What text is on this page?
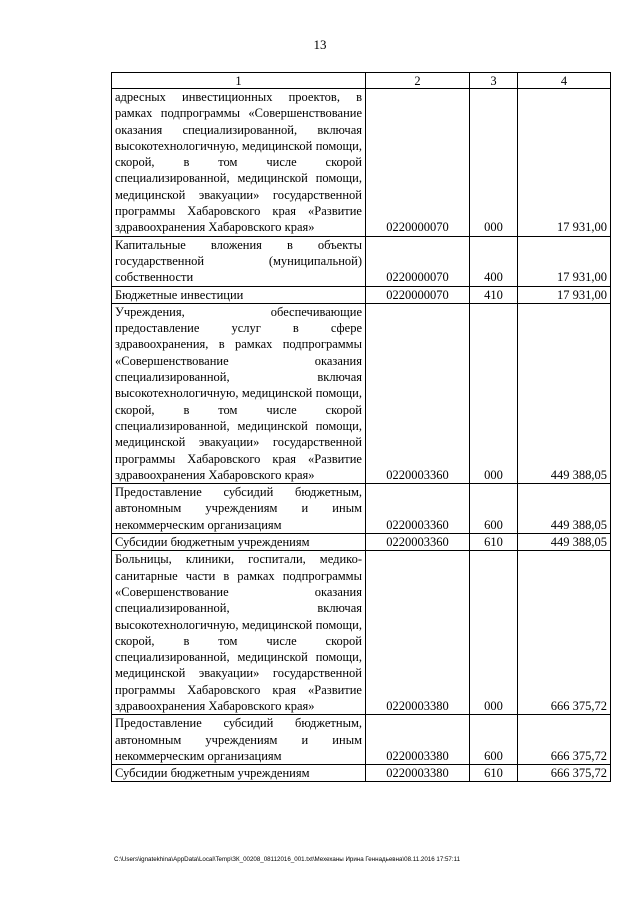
13
1	2	3	4
адресных инвестиционных проектов, в рамках подпрограммы «Совершенствование оказания специализированной, включая высокотехнологичную, медицинской помощи, скорой, в том числе скорой специализированной, медицинской помощи, медицинской эвакуации» государственной программы Хабаровского края «Развитие здравоохранения Хабаровского края»	0220000070	000	17 931,00
Капитальные вложения в объекты государственной (муниципальной) собственности	0220000070	400	17 931,00
Бюджетные инвестиции	0220000070	410	17 931,00
Учреждения, обеспечивающие предоставление услуг в сфере здравоохранения, в рамках подпрограммы «Совершенствование оказания специализированной, включая высокотехнологичную, медицинской помощи, скорой, в том числе скорой специализированной, медицинской помощи, медицинской эвакуации» государственной программы Хабаровского края «Развитие здравоохранения Хабаровского края»	0220003360	000	449 388,05
Предоставление субсидий бюджетным, автономным учреждениям и иным некоммерческим организациям	0220003360	600	449 388,05
Субсидии бюджетным учреждениям	0220003360	610	449 388,05
Больницы, клиники, госпитали, медико-санитарные части в рамках подпрограммы «Совершенствование оказания специализированной, включая высокотехнологичную, медицинской помощи, скорой, в том числе скорой специализированной, медицинской помощи, медицинской эвакуации» государственной программы Хабаровского края «Развитие здравоохранения Хабаровского края»	0220003380	000	666 375,72
Предоставление субсидий бюджетным, автономным учреждениям и иным некоммерческим организациям	0220003380	600	666 375,72
Субсидии бюджетным учреждениям	0220003380	610	666 375,72
C:\Users\ignatekhina\AppData\Local\Temp\ЗК_00208_08112016_001.txt\Мехеханы Ирина Геннадьевна\08.11.2016 17:57:11
